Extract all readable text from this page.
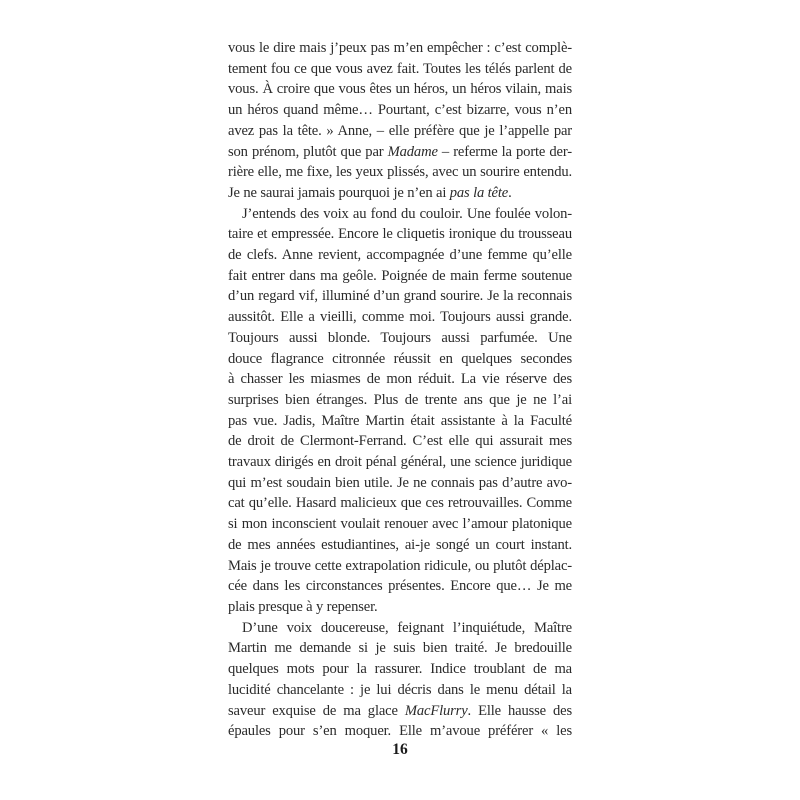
vous le dire mais j’peux pas m’en empêcher : c’est complè-
tement fou ce que vous avez fait. Toutes les télés parlent de
vous. À croire que vous êtes un héros, un héros vilain, mais
un héros quand même… Pourtant, c’est bizarre, vous n’en
avez pas la tête. » Anne, – elle préfère que je l’appelle par
son prénom, plutôt que par Madame – referme la porte der-
rière elle, me fixe, les yeux plissés, avec un sourire entendu.
Je ne saurai jamais pourquoi je n’en ai pas la tête.
J’entends des voix au fond du couloir. Une foulée volon-
taire et empressée. Encore le cliquetis ironique du trousseau
de clefs. Anne revient, accompagnée d’une femme qu’elle
fait entrer dans ma geôle. Poignée de main ferme soutenue
d’un regard vif, illuminé d’un grand sourire. Je la reconnais
aussitôt. Elle a vieilli, comme moi. Toujours aussi grande.
Toujours aussi blonde. Toujours aussi parfumée. Une
douce flagrance citronnée réussit en quelques secondes
à chasser les miasmes de mon réduit. La vie réserve des
surprises bien étranges. Plus de trente ans que je ne l’ai
pas vue. Jadis, Maître Martin était assistante à la Faculté
de droit de Clermont-Ferrand. C’est elle qui assurait mes
travaux dirigés en droit pénal général, une science juridique
qui m’est soudain bien utile. Je ne connais pas d’autre avo-
cat qu’elle. Hasard malicieux que ces retrouvailles. Comme
si mon inconscient voulait renouer avec l’amour platonique
de mes années estudiantines, ai-je songé un court instant.
Mais je trouve cette extrapolation ridicule, ou plutôt déplac-
cée dans les circonstances présentes. Encore que… Je me
plais presque à y repenser.
D’une voix doucereuse, feignant l’inquiétude, Maître
Martin me demande si je suis bien traité. Je bredouille
quelques mots pour la rassurer. Indice troublant de ma
lucidité chancelante : je lui décris dans le menu détail la
saveur exquise de ma glace MacFlurry. Elle hausse des
épaules pour s’en moquer. Elle m’avoue préférer « les
16
